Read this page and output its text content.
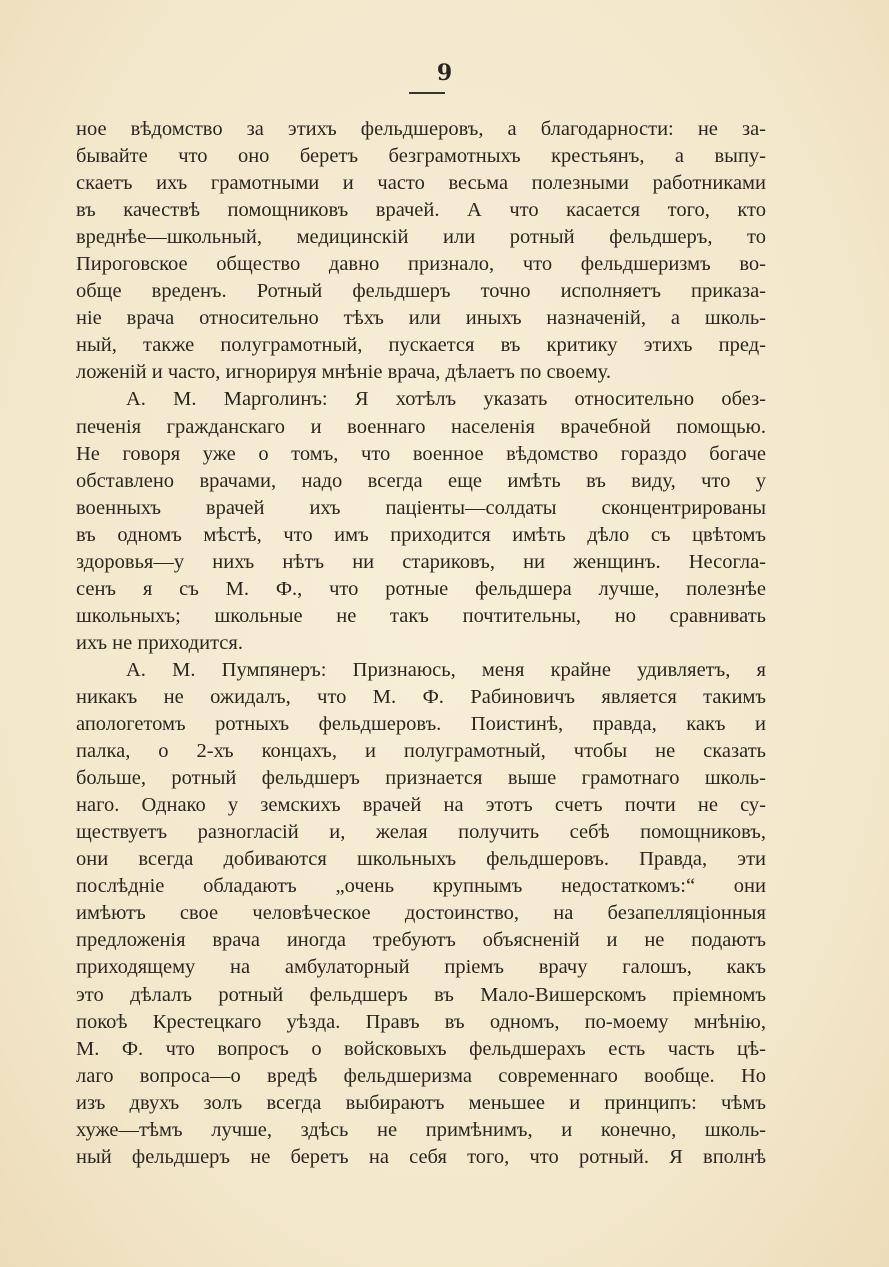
9
ное вѣдомство за этихъ фельдшеровъ, а благодарности: не за-
бывайте что оно беретъ безграмотныхъ крестьянъ, а выпу-
скаетъ ихъ грамотными и часто весьма полезными работниками
въ качествѣ помощниковъ врачей. А что касается того, кто
вреднѣе—школьный, медицинскій или ротный фельдшеръ, то
Пироговское общество давно признало, что фельдшеризмъ во-
обще вреденъ. Ротный фельдшеръ точно исполняетъ приказа-
ніе врача относительно тѣхъ или иныхъ назначеній, а школь-
ный, также полуграмотный, пускается въ критику этихъ пред-
ложеній и часто, игнорируя мнѣніе врача, дѣлаетъ по своему.
А. М. Марголинъ: Я хотѣлъ указать относительно обез-
печенія гражданскаго и военнаго населенія врачебной помощью.
Не говоря уже о томъ, что военное вѣдомство гораздо богаче
обставлено врачами, надо всегда еще имѣть въ виду, что у
военныхъ врачей ихъ паціенты—солдаты сконцентрированы
въ одномъ мѣстѣ, что имъ приходится имѣть дѣло съ цвѣтомъ
здоровья—у нихъ нѣтъ ни стариковъ, ни женщинъ. Несогла-
сенъ я съ М. Ф., что ротные фельдшера лучше, полезнѣе
школьныхъ; школьные не такъ почтительны, но сравнивать
ихъ не приходится.
А. М. Пумпянеръ: Признаюсь, меня крайне удивляетъ, я
никакъ не ожидалъ, что М. Ф. Рабиновичъ является такимъ
апологетомъ ротныхъ фельдшеровъ. Поистинѣ, правда, какъ и
палка, о 2-хъ концахъ, и полуграмотный, чтобы не сказать
больше, ротный фельдшеръ признается выше грамотнаго школь-
наго. Однако у земскихъ врачей на этотъ счетъ почти не су-
ществуетъ разногласій и, желая получить себѣ помощниковъ,
они всегда добиваются школьныхъ фельдшеровъ. Правда, эти
послѣдніе обладаютъ „очень крупнымъ недостаткомъ:“ они
имѣютъ свое человѣческое достоинство, на безапелляціонныя
предложенія врача иногда требуютъ объясненій и не подаютъ
приходящему на амбулаторный пріемъ врачу галошъ, какъ
это дѣлалъ ротный фельдшеръ въ Мало-Вишерскомъ пріемномъ
покоѣ Крестецкаго уѣзда. Правъ въ одномъ, по-моему мнѣнію,
М. Ф. что вопросъ о войсковыхъ фельдшерахъ есть часть цѣ-
лаго вопроса—о вредѣ фельдшеризма современнаго вообще. Но
изъ двухъ золъ всегда выбираютъ меньшее и принципъ: чѣмъ
хуже—тѣмъ лучше, здѣсь не примѣнимъ, и конечно, школь-
ный фельдшеръ не беретъ на себя того, что ротный. Я вполнѣ
